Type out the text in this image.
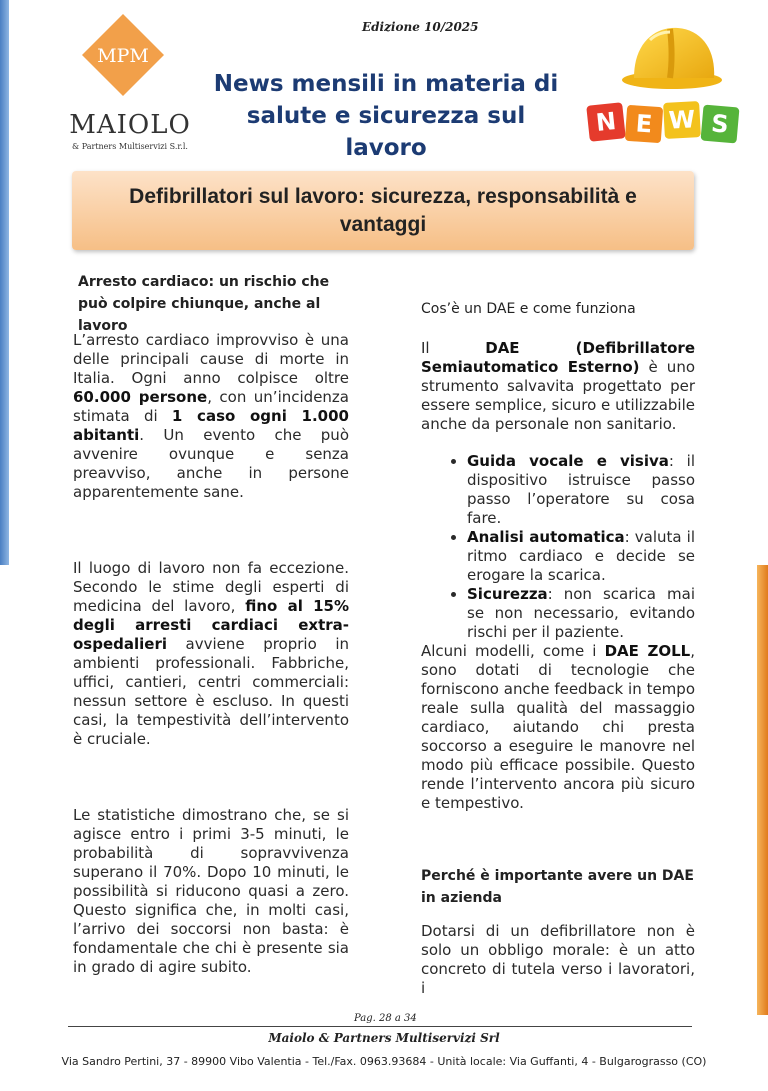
Edizione 10/2025
MPM
MAIOLO
& Partners Multiservizi S.r.l.
News mensili in materia di salute e sicurezza sul lavoro
N E W S
Defibrillatori sul lavoro: sicurezza, responsabilità e vantaggi
Arresto cardiaco: un rischio che può colpire chiunque, anche al lavoro

L’arresto cardiaco improvviso è una delle principali cause di morte in Italia. Ogni anno colpisce oltre 60.000 persone, con un’incidenza stimata di 1 caso ogni 1.000 abitanti. Un evento che può avvenire ovunque e senza preavviso, anche in persone apparentemente sane.

Il luogo di lavoro non fa eccezione. Secondo le stime degli esperti di medicina del lavoro, fino al 15% degli arresti cardiaci extra-ospedalieri avviene proprio in ambienti professionali. Fabbriche, uffici, cantieri, centri commerciali: nessun settore è escluso. In questi casi, la tempestività dell’intervento è cruciale.

Le statistiche dimostrano che, se si agisce entro i primi 3-5 minuti, le probabilità di sopravvivenza superano il 70%. Dopo 10 minuti, le possibilità si riducono quasi a zero. Questo significa che, in molti casi, l’arrivo dei soccorsi non basta: è fondamentale che chi è presente sia in grado di agire subito.

Cos’è un DAE e come funziona

Il DAE (Defibrillatore Semiautomatico Esterno) è uno strumento salvavita progettato per essere semplice, sicuro e utilizzabile anche da personale non sanitario.

• Guida vocale e visiva: il dispositivo istruisce passo passo l’operatore su cosa fare.
• Analisi automatica: valuta il ritmo cardiaco e decide se erogare la scarica.
• Sicurezza: non scarica mai se non necessario, evitando rischi per il paziente.

Alcuni modelli, come i DAE ZOLL, sono dotati di tecnologie che forniscono anche feedback in tempo reale sulla qualità del massaggio cardiaco, aiutando chi presta soccorso a eseguire le manovre nel modo più efficace possibile. Questo rende l’intervento ancora più sicuro e tempestivo.

Perché è importante avere un DAE in azienda

Dotarsi di un defibrillatore non è solo un obbligo morale: è un atto concreto di tutela verso i lavoratori, i

Pag. 28 a 34
Maiolo & Partners Multiservizi Srl
Via Sandro Pertini, 37 - 89900 Vibo Valentia - Tel./Fax. 0963.93684 - Unità locale: Via Guffanti, 4 - Bulgarograsso (CO)
